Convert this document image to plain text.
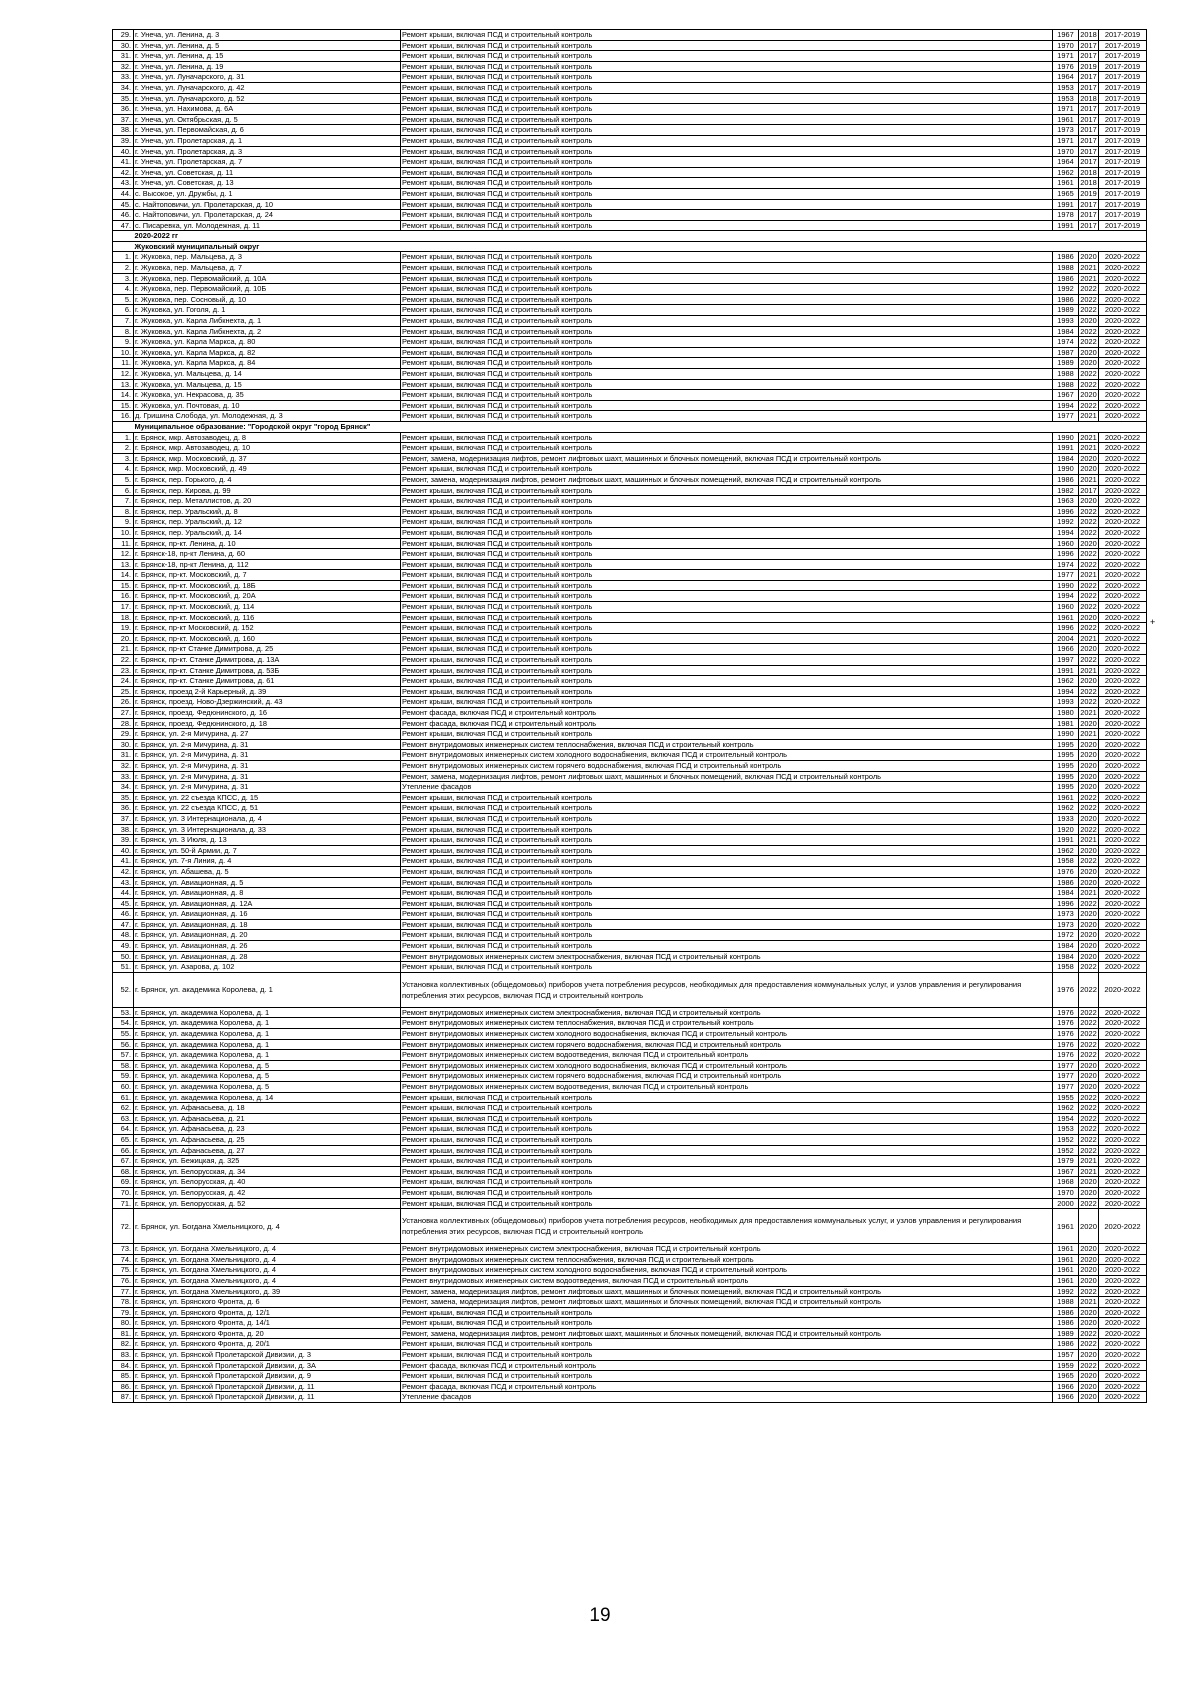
29.	г. Унеча, ул. Ленина, д. 3	Ремонт крыши, включая ПСД и строительный контроль	1967	2018	2017-2019
30.	г. Унеча, ул. Ленина, д. 5	Ремонт крыши, включая ПСД и строительный контроль	1970	2017	2017-2019
31.	г. Унеча, ул. Ленина, д. 15	Ремонт крыши, включая ПСД и строительный контроль	1971	2017	2017-2019
32.	г. Унеча, ул. Ленина, д. 19	Ремонт крыши, включая ПСД и строительный контроль	1976	2019	2017-2019
33.	г. Унеча, ул. Луначарского, д. 31	Ремонт крыши, включая ПСД и строительный контроль	1964	2017	2017-2019
34.	г. Унеча, ул. Луначарского, д. 42	Ремонт крыши, включая ПСД и строительный контроль	1953	2017	2017-2019
35.	г. Унеча, ул. Луначарского, д. 52	Ремонт крыши, включая ПСД и строительный контроль	1953	2018	2017-2019
36.	г. Унеча, ул. Нахимова, д. 6А	Ремонт крыши, включая ПСД и строительный контроль	1971	2017	2017-2019
37.	г. Унеча, ул. Октябрьская, д. 5	Ремонт крыши, включая ПСД и строительный контроль	1961	2017	2017-2019
38.	г. Унеча, ул. Первомайская, д. 6	Ремонт крыши, включая ПСД и строительный контроль	1973	2017	2017-2019
39.	г. Унеча, ул. Пролетарская, д. 1	Ремонт крыши, включая ПСД и строительный контроль	1971	2017	2017-2019
40.	г. Унеча, ул. Пролетарская, д. 3	Ремонт крыши, включая ПСД и строительный контроль	1970	2017	2017-2019
41.	г. Унеча, ул. Пролетарская, д. 7	Ремонт крыши, включая ПСД и строительный контроль	1964	2017	2017-2019
42.	г. Унеча, ул. Советская, д. 11	Ремонт крыши, включая ПСД и строительный контроль	1962	2018	2017-2019
43.	г. Унеча, ул. Советская, д. 13	Ремонт крыши, включая ПСД и строительный контроль	1961	2018	2017-2019
44.	с. Высокое, ул. Дружбы, д. 1	Ремонт крыши, включая ПСД и строительный контроль	1965	2019	2017-2019
45.	с. Найтоповичи, ул. Пролетарская, д. 10	Ремонт крыши, включая ПСД и строительный контроль	1991	2017	2017-2019
46.	с. Найтоповичи, ул. Пролетарская, д. 24	Ремонт крыши, включая ПСД и строительный контроль	1978	2017	2017-2019
47.	с. Писаревка, ул. Молодежная, д. 11	Ремонт крыши, включая ПСД и строительный контроль	1991	2017	2017-2019
	2020-2022 гг				
	Жуковский муниципальный округ				
1.	г. Жуковка, пер. Мальцева, д. 3	Ремонт крыши, включая ПСД и строительный контроль	1986	2020	2020-2022
2.	г. Жуковка, пер. Мальцева, д. 7	Ремонт крыши, включая ПСД и строительный контроль	1988	2021	2020-2022
3.	г. Жуковка, пер. Первомайский, д. 10А	Ремонт крыши, включая ПСД и строительный контроль	1986	2021	2020-2022
4.	г. Жуковка, пер. Первомайский, д. 10Б	Ремонт крыши, включая ПСД и строительный контроль	1992	2022	2020-2022
5.	г. Жуковка, пер. Сосновый, д. 10	Ремонт крыши, включая ПСД и строительный контроль	1986	2022	2020-2022
6.	г. Жуковка, ул. Гоголя, д. 1	Ремонт крыши, включая ПСД и строительный контроль	1989	2022	2020-2022
7.	г. Жуковка, ул. Карла Либкнехта, д. 1	Ремонт крыши, включая ПСД и строительный контроль	1993	2020	2020-2022
8.	г. Жуковка, ул. Карла Либкнехта, д. 2	Ремонт крыши, включая ПСД и строительный контроль	1984	2022	2020-2022
9.	г. Жуковка, ул. Карла Маркса, д. 80	Ремонт крыши, включая ПСД и строительный контроль	1974	2022	2020-2022
10.	г. Жуковка, ул. Карла Маркса, д. 82	Ремонт крыши, включая ПСД и строительный контроль	1987	2020	2020-2022
11.	г. Жуковка, ул. Карла Маркса, д. 84	Ремонт крыши, включая ПСД и строительный контроль	1989	2020	2020-2022
12.	г. Жуковка, ул. Мальцева, д. 14	Ремонт крыши, включая ПСД и строительный контроль	1988	2022	2020-2022
13.	г. Жуковка, ул. Мальцева, д. 15	Ремонт крыши, включая ПСД и строительный контроль	1988	2022	2020-2022
14.	г. Жуковка, ул. Некрасова, д. 35	Ремонт крыши, включая ПСД и строительный контроль	1967	2020	2020-2022
15.	г. Жуковка, ул. Почтовая, д. 10	Ремонт крыши, включая ПСД и строительный контроль	1994	2022	2020-2022
16.	д. Гришина Слобода, ул. Молодежная, д. 3	Ремонт крыши, включая ПСД и строительный контроль	1977	2021	2020-2022
	Муниципальное образование: "Городской округ "город Брянск"				
1.	г. Брянск, мкр. Автозаводец, д. 8	Ремонт крыши, включая ПСД и строительный контроль	1990	2021	2020-2022
2.	г. Брянск, мкр. Автозаводец, д. 10	Ремонт крыши, включая ПСД и строительный контроль	1991	2021	2020-2022
3.	г. Брянск, мкр. Московский, д. 37	Ремонт, замена, модернизация лифтов, ремонт лифтовых шахт, машинных и блочных помещений, включая ПСД и строительный контроль	1984	2020	2020-2022
4.	г. Брянск, мкр. Московский, д. 49	Ремонт крыши, включая ПСД и строительный контроль	1990	2020	2020-2022
5.	г. Брянск, пер. Горького, д. 4	Ремонт, замена, модернизация лифтов, ремонт лифтовых шахт, машинных и блочных помещений, включая ПСД и строительный контроль	1986	2021	2020-2022
6.	г. Брянск, пер. Кирова, д. 99	Ремонт крыши, включая ПСД и строительный контроль	1982	2017	2020-2022
7.	г. Брянск, пер. Металлистов, д. 20	Ремонт крыши, включая ПСД и строительный контроль	1963	2020	2020-2022
8.	г. Брянск, пер. Уральский, д. 8	Ремонт крыши, включая ПСД и строительный контроль	1996	2022	2020-2022
9.	г. Брянск, пер. Уральский, д. 12	Ремонт крыши, включая ПСД и строительный контроль	1992	2022	2020-2022
10.	г. Брянск, пер. Уральский, д. 14	Ремонт крыши, включая ПСД и строительный контроль	1994	2022	2020-2022
11.	г. Брянск, пр-кт. Ленина, д. 10	Ремонт крыши, включая ПСД и строительный контроль	1960	2020	2020-2022
12.	г. Брянск-18, пр-кт Ленина, д. 60	Ремонт крыши, включая ПСД и строительный контроль	1996	2022	2020-2022
13.	г. Брянск-18, пр-кт Ленина, д. 112	Ремонт крыши, включая ПСД и строительный контроль	1974	2022	2020-2022
14.	г. Брянск, пр-кт. Московский, д. 7	Ремонт крыши, включая ПСД и строительный контроль	1977	2021	2020-2022
15.	г. Брянск, пр-кт. Московский, д. 18Б	Ремонт крыши, включая ПСД и строительный контроль	1990	2022	2020-2022
16.	г. Брянск, пр-кт. Московский, д. 20А	Ремонт крыши, включая ПСД и строительный контроль	1994	2022	2020-2022
17.	г. Брянск, пр-кт. Московский, д. 114	Ремонт крыши, включая ПСД и строительный контроль	1960	2022	2020-2022
18.	г. Брянск, пр-кт. Московский, д. 116	Ремонт крыши, включая ПСД и строительный контроль	1961	2020	2020-2022
19.	г. Брянск, пр-кт Московский, д. 152	Ремонт крыши, включая ПСД и строительный контроль	1996	2022	2020-2022
20.	г. Брянск, пр-кт. Московский, д. 160	Ремонт крыши, включая ПСД и строительный контроль	2004	2021	2020-2022
21.	г. Брянск, пр-кт Станке Димитрова, д. 25	Ремонт крыши, включая ПСД и строительный контроль	1966	2020	2020-2022
22.	г. Брянск, пр-кт. Станке Димитрова, д. 13А	Ремонт крыши, включая ПСД и строительный контроль	1997	2022	2020-2022
23.	г. Брянск, пр-кт. Станке Димитрова, д. 53Б	Ремонт крыши, включая ПСД и строительный контроль	1991	2021	2020-2022
24.	г. Брянск, пр-кт. Станке Димитрова, д. 61	Ремонт крыши, включая ПСД и строительный контроль	1962	2020	2020-2022
25.	г. Брянск, проезд 2-й Карьерный, д. 39	Ремонт крыши, включая ПСД и строительный контроль	1994	2022	2020-2022
26.	г. Брянск, проезд. Ново-Дзержинский, д. 43	Ремонт крыши, включая ПСД и строительный контроль	1993	2022	2020-2022
27.	г. Брянск, проезд. Федюнинского, д. 16	Ремонт фасада, включая ПСД и строительный контроль	1980	2021	2020-2022
28.	г. Брянск, проезд. Федюнинского, д. 18	Ремонт фасада, включая ПСД и строительный контроль	1981	2020	2020-2022
29.	г. Брянск, ул. 2-я Мичурина, д. 27	Ремонт крыши, включая ПСД и строительный контроль	1990	2021	2020-2022
30.	г. Брянск, ул. 2-я Мичурина, д. 31	Ремонт внутридомовых инженерных систем теплоснабжения, включая ПСД и строительный контроль	1995	2020	2020-2022
31.	г. Брянск, ул. 2-я Мичурина, д. 31	Ремонт внутридомовых инженерных систем холодного водоснабжения, включая ПСД и строительный контроль	1995	2020	2020-2022
32.	г. Брянск, ул. 2-я Мичурина, д. 31	Ремонт внутридомовых инженерных систем горячего водоснабжения, включая ПСД и строительный контроль	1995	2020	2020-2022
33.	г. Брянск, ул. 2-я Мичурина, д. 31	Ремонт, замена, модернизация лифтов, ремонт лифтовых шахт, машинных и блочных помещений, включая ПСД и строительный контроль	1995	2020	2020-2022
34.	г. Брянск, ул. 2-я Мичурина, д. 31	Утепление фасадов	1995	2020	2020-2022
35.	г. Брянск, ул. 22 съезда КПСС, д. 15	Ремонт крыши, включая ПСД и строительный контроль	1961	2022	2020-2022
36.	г. Брянск, ул. 22 съезда КПСС, д. 51	Ремонт крыши, включая ПСД и строительный контроль	1962	2022	2020-2022
37.	г. Брянск, ул. 3 Интернационала, д. 4	Ремонт крыши, включая ПСД и строительный контроль	1933	2020	2020-2022
38.	г. Брянск, ул. 3 Интернационала, д. 33	Ремонт крыши, включая ПСД и строительный контроль	1920	2022	2020-2022
39.	г. Брянск, ул. 3 Июля, д. 13	Ремонт крыши, включая ПСД и строительный контроль	1991	2021	2020-2022
40.	г. Брянск, ул. 50-й Армии, д. 7	Ремонт крыши, включая ПСД и строительный контроль	1962	2020	2020-2022
41.	г. Брянск, ул. 7-я Линия, д. 4	Ремонт крыши, включая ПСД и строительный контроль	1958	2022	2020-2022
42.	г. Брянск, ул. Абашева, д. 5	Ремонт крыши, включая ПСД и строительный контроль	1976	2020	2020-2022
43.	г. Брянск, ул. Авиационная, д. 5	Ремонт крыши, включая ПСД и строительный контроль	1986	2020	2020-2022
44.	г. Брянск, ул. Авиационная, д. 8	Ремонт крыши, включая ПСД и строительный контроль	1984	2021	2020-2022
45.	г. Брянск, ул. Авиационная, д. 12А	Ремонт крыши, включая ПСД и строительный контроль	1996	2022	2020-2022
46.	г. Брянск, ул. Авиационная, д. 16	Ремонт крыши, включая ПСД и строительный контроль	1973	2020	2020-2022
47.	г. Брянск, ул. Авиационная, д. 18	Ремонт крыши, включая ПСД и строительный контроль	1973	2020	2020-2022
48.	г. Брянск, ул. Авиационная, д. 20	Ремонт крыши, включая ПСД и строительный контроль	1972	2020	2020-2022
49.	г. Брянск, ул. Авиационная, д. 26	Ремонт крыши, включая ПСД и строительный контроль	1984	2020	2020-2022
50.	г. Брянск, ул. Авиационная, д. 28	Ремонт внутридомовых инженерных систем электроснабжения, включая ПСД и строительный контроль	1984	2020	2020-2022
51.	г. Брянск, ул. Азарова, д. 102	Ремонт крыши, включая ПСД и строительный контроль	1958	2022	2020-2022
52.	г. Брянск, ул. академика Королева, д. 1	Установка коллективных (общедомовых) приборов учета потребления ресурсов, необходимых для предоставления коммунальных услуг, и узлов управления и регулирования потребления этих ресурсов, включая ПСД и строительный контроль	1976	2022	2020-2022
53.	г. Брянск, ул. академика Королева, д. 1	Ремонт внутридомовых инженерных систем электроснабжения, включая ПСД и строительный контроль	1976	2022	2020-2022
54.	г. Брянск, ул. академика Королева, д. 1	Ремонт внутридомовых инженерных систем теплоснабжения, включая ПСД и строительный контроль	1976	2022	2020-2022
55.	г. Брянск, ул. академика Королева, д. 1	Ремонт внутридомовых инженерных систем холодного водоснабжения, включая ПСД и строительный контроль	1976	2022	2020-2022
56.	г. Брянск, ул. академика Королева, д. 1	Ремонт внутридомовых инженерных систем горячего водоснабжения, включая ПСД и строительный контроль	1976	2022	2020-2022
57.	г. Брянск, ул. академика Королева, д. 1	Ремонт внутридомовых инженерных систем водоотведения, включая ПСД и строительный контроль	1976	2022	2020-2022
58.	г. Брянск, ул. академика Королева, д. 5	Ремонт внутридомовых инженерных систем холодного водоснабжения, включая ПСД и строительный контроль	1977	2020	2020-2022
59.	г. Брянск, ул. академика Королева, д. 5	Ремонт внутридомовых инженерных систем горячего водоснабжения, включая ПСД и строительный контроль	1977	2020	2020-2022
60.	г. Брянск, ул. академика Королева, д. 5	Ремонт внутридомовых инженерных систем водоотведения, включая ПСД и строительный контроль	1977	2020	2020-2022
61.	г. Брянск, ул. академика Королева, д. 14	Ремонт крыши, включая ПСД и строительный контроль	1955	2022	2020-2022
62.	г. Брянск, ул. Афанасьева, д. 18	Ремонт крыши, включая ПСД и строительный контроль	1962	2022	2020-2022
63.	г. Брянск, ул. Афанасьева, д. 21	Ремонт крыши, включая ПСД и строительный контроль	1954	2022	2020-2022
64.	г. Брянск, ул. Афанасьева, д. 23	Ремонт крыши, включая ПСД и строительный контроль	1953	2022	2020-2022
65.	г. Брянск, ул. Афанасьева, д. 25	Ремонт крыши, включая ПСД и строительный контроль	1952	2022	2020-2022
66.	г. Брянск, ул. Афанасьева, д. 27	Ремонт крыши, включая ПСД и строительный контроль	1952	2022	2020-2022
67.	г. Брянск, ул. Бежицкая, д. 325	Ремонт крыши, включая ПСД и строительный контроль	1979	2021	2020-2022
68.	г. Брянск, ул. Белорусская, д. 34	Ремонт крыши, включая ПСД и строительный контроль	1967	2021	2020-2022
69.	г. Брянск, ул. Белорусская, д. 40	Ремонт крыши, включая ПСД и строительный контроль	1968	2020	2020-2022
70.	г. Брянск, ул. Белорусская, д. 42	Ремонт крыши, включая ПСД и строительный контроль	1970	2020	2020-2022
71.	г. Брянск, ул. Белорусская, д. 52	Ремонт крыши, включая ПСД и строительный контроль	2000	2022	2020-2022
72.	г. Брянск, ул. Богдана Хмельницкого, д. 4	Установка коллективных (общедомовых) приборов учета потребления ресурсов, необходимых для предоставления коммунальных услуг, и узлов управления и регулирования потребления этих ресурсов, включая ПСД и строительный контроль	1961	2020	2020-2022
73.	г. Брянск, ул. Богдана Хмельницкого, д. 4	Ремонт внутридомовых инженерных систем электроснабжения, включая ПСД и строительный контроль	1961	2020	2020-2022
74.	г. Брянск, ул. Богдана Хмельницкого, д. 4	Ремонт внутридомовых инженерных систем теплоснабжения, включая ПСД и строительный контроль	1961	2020	2020-2022
75.	г. Брянск, ул. Богдана Хмельницкого, д. 4	Ремонт внутридомовых инженерных систем холодного водоснабжения, включая ПСД и строительный контроль	1961	2020	2020-2022
76.	г. Брянск, ул. Богдана Хмельницкого, д. 4	Ремонт внутридомовых инженерных систем водоотведения, включая ПСД и строительный контроль	1961	2020	2020-2022
77.	г. Брянск, ул. Богдана Хмельницкого, д. 39	Ремонт, замена, модернизация лифтов, ремонт лифтовых шахт, машинных и блочных помещений, включая ПСД и строительный контроль	1992	2022	2020-2022
78.	г. Брянск, ул. Брянского Фронта, д. 6	Ремонт, замена, модернизация лифтов, ремонт лифтовых шахт, машинных и блочных помещений, включая ПСД и строительный контроль	1988	2021	2020-2022
79.	г. Брянск, ул. Брянского Фронта, д. 12/1	Ремонт крыши, включая ПСД и строительный контроль	1986	2020	2020-2022
80.	г. Брянск, ул. Брянского Фронта, д. 14/1	Ремонт крыши, включая ПСД и строительный контроль	1986	2020	2020-2022
81.	г. Брянск, ул. Брянского Фронта, д. 20	Ремонт, замена, модернизация лифтов, ремонт лифтовых шахт, машинных и блочных помещений, включая ПСД и строительный контроль	1989	2022	2020-2022
82.	г. Брянск, ул. Брянского Фронта, д. 20/1	Ремонт крыши, включая ПСД и строительный контроль	1986	2022	2020-2022
83.	г. Брянск, ул. Брянской Пролетарской Дивизии, д. 3	Ремонт крыши, включая ПСД и строительный контроль	1957	2020	2020-2022
84.	г. Брянск, ул. Брянской Пролетарской Дивизии, д. 3А	Ремонт фасада, включая ПСД и строительный контроль	1959	2022	2020-2022
85.	г. Брянск, ул. Брянской Пролетарской Дивизии, д. 9	Ремонт крыши, включая ПСД и строительный контроль	1965	2020	2020-2022
86.	г. Брянск, ул. Брянской Пролетарской Дивизии, д. 11	Ремонт фасада, включая ПСД и строительный контроль	1966	2020	2020-2022
87.	г. Брянск, ул. Брянской Пролетарской Дивизии, д. 11	Утепление фасадов	1966	2020	2020-2022
+
19
